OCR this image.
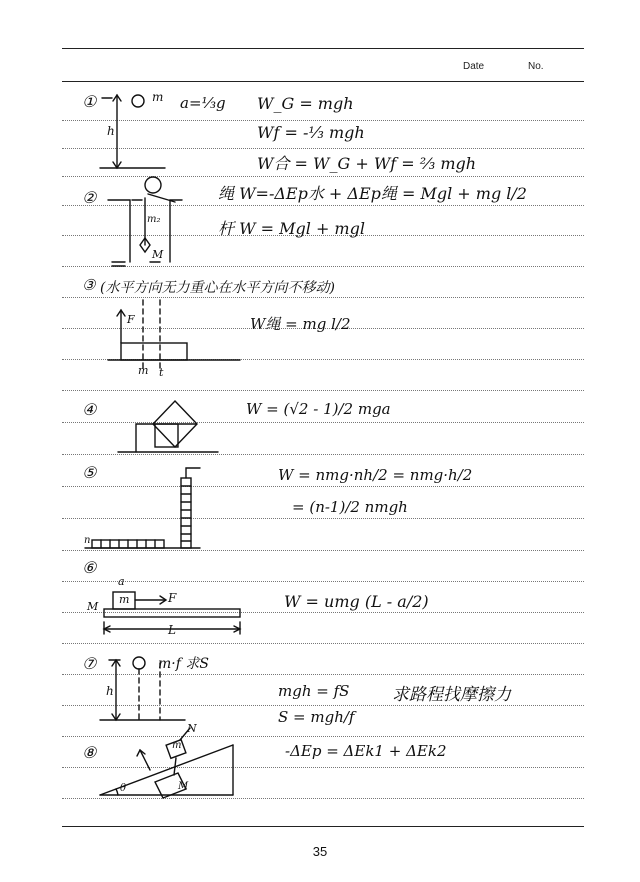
Date	No.
①	m
h
a=⅓g W_G = mgh
Wf = -⅓ mgh
W合 = W_G + Wf = ⅔ mgh
②
m₂
M
绳 W=-ΔEp水 + ΔEp绳 = Mgl + mg l/2
杆 W = Mgl + mgl
③ (水平方向无力重心在水平方向不移动)
F
m t
W绳 = mg l/2
④	W = (√2 - 1)/2 mga
⑤
n
W = nmg·nh/2 = nmg·h/2
= (n-1)/2 nmgh
⑥
a
m	F
M
L
W = umg (L - a/2)
⑦	m·f 求S
h	mgh = fS	求路程找摩擦力
S = mgh/f
⑧	m
M
N
θ
-ΔEp = ΔEk1 + ΔEk2
35
